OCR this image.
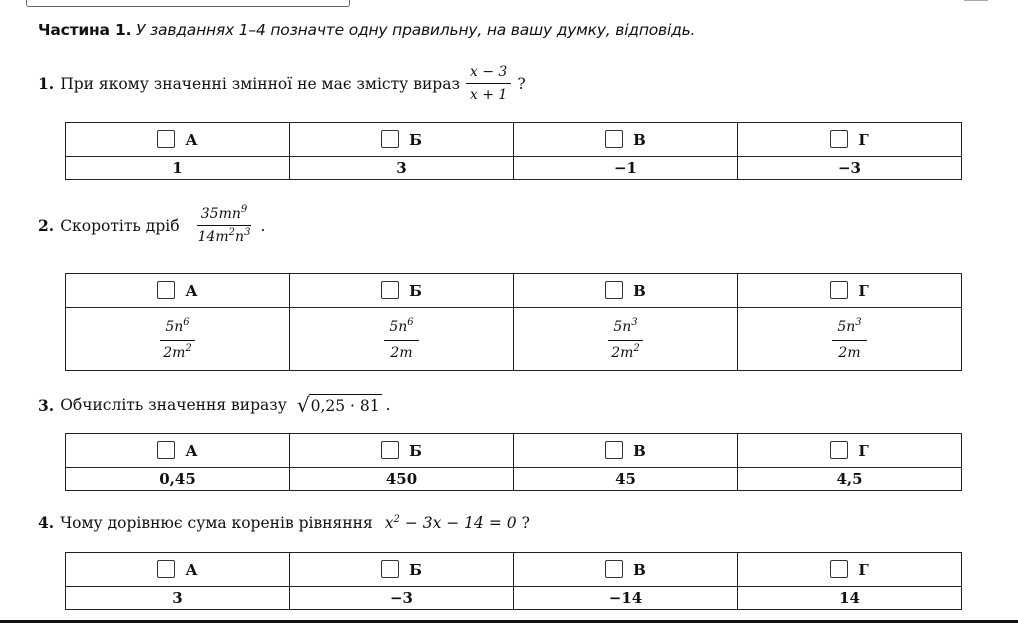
Частина 1. У завданнях 1–4 позначте одну правильну, на вашу думку, відповідь.
1. При якому значенні змінної не має змісту вираз $\frac{x - 3}{x + 1}$ ?
А	Б	В	Г
1	3	−1	−3
2. Скоротіть дріб $\frac{35mn^9}{14m^2n^3}$ .
А	Б	В	Г

$\frac{5n^6}{2m^2}$	$\frac{5n^6}{2m}$	$\frac{5n^3}{2m^2}$	$\frac{5n^3}{2m}$
3. Обчисліть значення виразу √ 0,25 · 81 .
А	Б	В	Г
0,45	450	45	4,5
4. Чому дорівнює сума коренів рівняння $x^2 - 3x - 14 = 0$ ?
А	Б	В	Г
3	−3	−14	14
